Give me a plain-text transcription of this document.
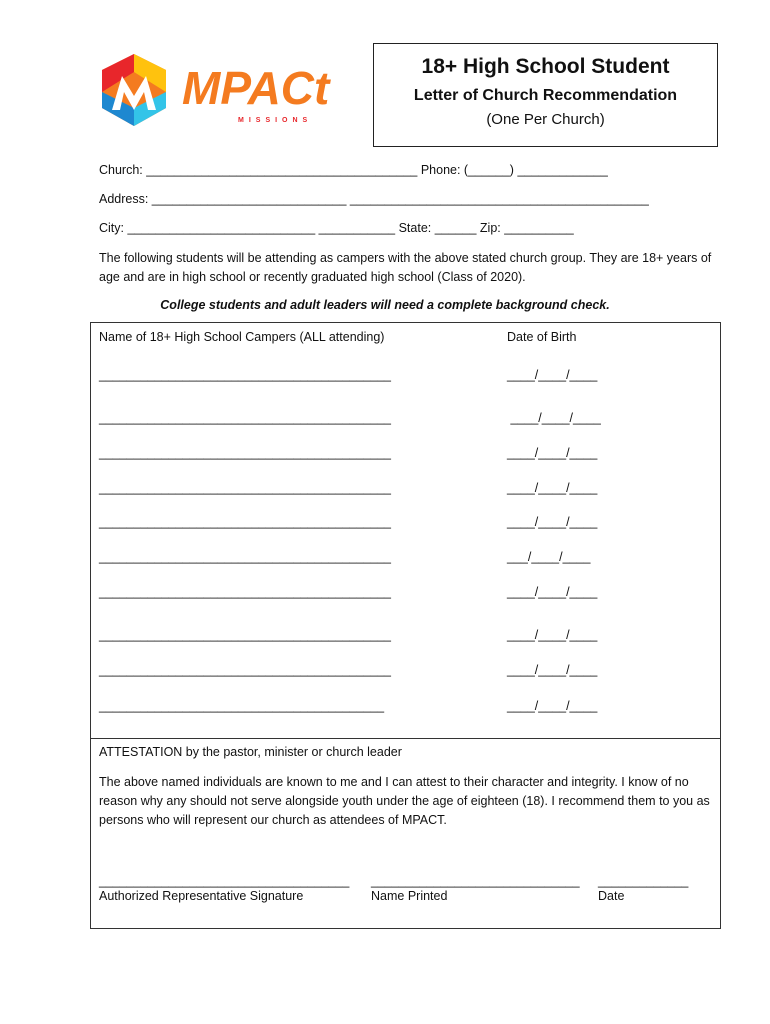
MPACt
MISSIONS
18+ High School Student
Letter of Church Recommendation
(One Per Church)
Church: _______________________________________ Phone: (______) _____________
Address: ____________________________ ___________________________________________
City: ___________________________ ___________ State: ______ Zip: __________
The following students will be attending as campers with the above stated church group. They are 18+ years of age and are in high school or recently graduated high school (Class of 2020).
College students and adult leaders will need a complete background check.
Name of 18+ High School Campers (ALL attending)	Date of Birth
__________________________________________	____/____/____
__________________________________________	____/____/____
__________________________________________	____/____/____
__________________________________________	____/____/____
__________________________________________	____/____/____
__________________________________________	___/____/____
__________________________________________	____/____/____
__________________________________________	____/____/____
__________________________________________	____/____/____
_________________________________________	____/____/____
ATTESTATION by the pastor, minister or church leader
The above named individuals are known to me and I can attest to their character and integrity. I know of no reason why any should not serve alongside youth under the age of eighteen (18). I recommend them to you as persons who will represent our church as attendees of MPACT.
____________________________________ ______________________________ _____________
Authorized Representative Signature	Name Printed	Date
